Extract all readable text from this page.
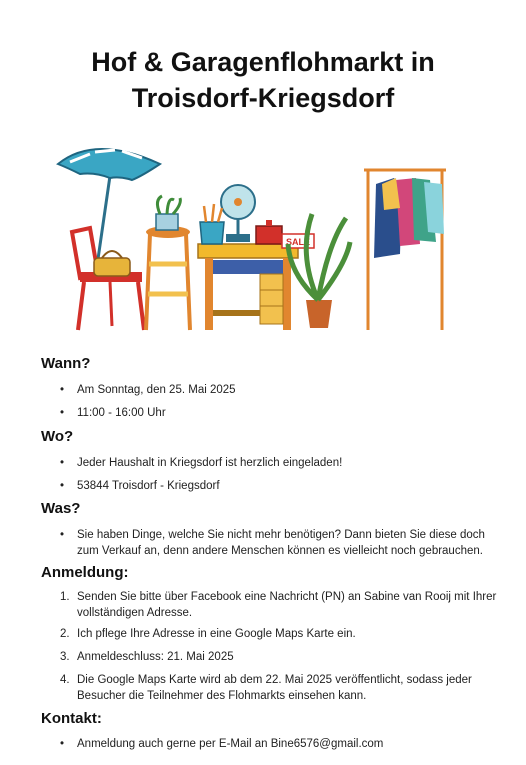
Hof & Garagenflohmarkt in
Troisdorf-Kriegsdorf
SALE
Wann?
•	Am Sonntag, den 25. Mai 2025
•	11:00 - 16:00 Uhr
Wo?
•	Jeder Haushalt in Kriegsdorf ist herzlich eingeladen!
•	53844 Troisdorf - Kriegsdorf
Was?
•	Sie haben Dinge, welche Sie nicht mehr benötigen? Dann bieten Sie diese doch zum Verkauf an, denn andere Menschen können es vielleicht noch gebrauchen.
Anmeldung:
1. Senden Sie bitte über Facebook eine Nachricht (PN) an Sabine van Rooij mit Ihrer vollständigen Adresse.
2. Ich pflege Ihre Adresse in eine Google Maps Karte ein.
3. Anmeldeschluss: 21. Mai 2025
4. Die Google Maps Karte wird ab dem 22. Mai 2025 veröffentlicht, sodass jeder Besucher die Teilnehmer des Flohmarkts einsehen kann.
Kontakt:
•	Anmeldung auch gerne per E-Mail an Bine6576@gmail.com
